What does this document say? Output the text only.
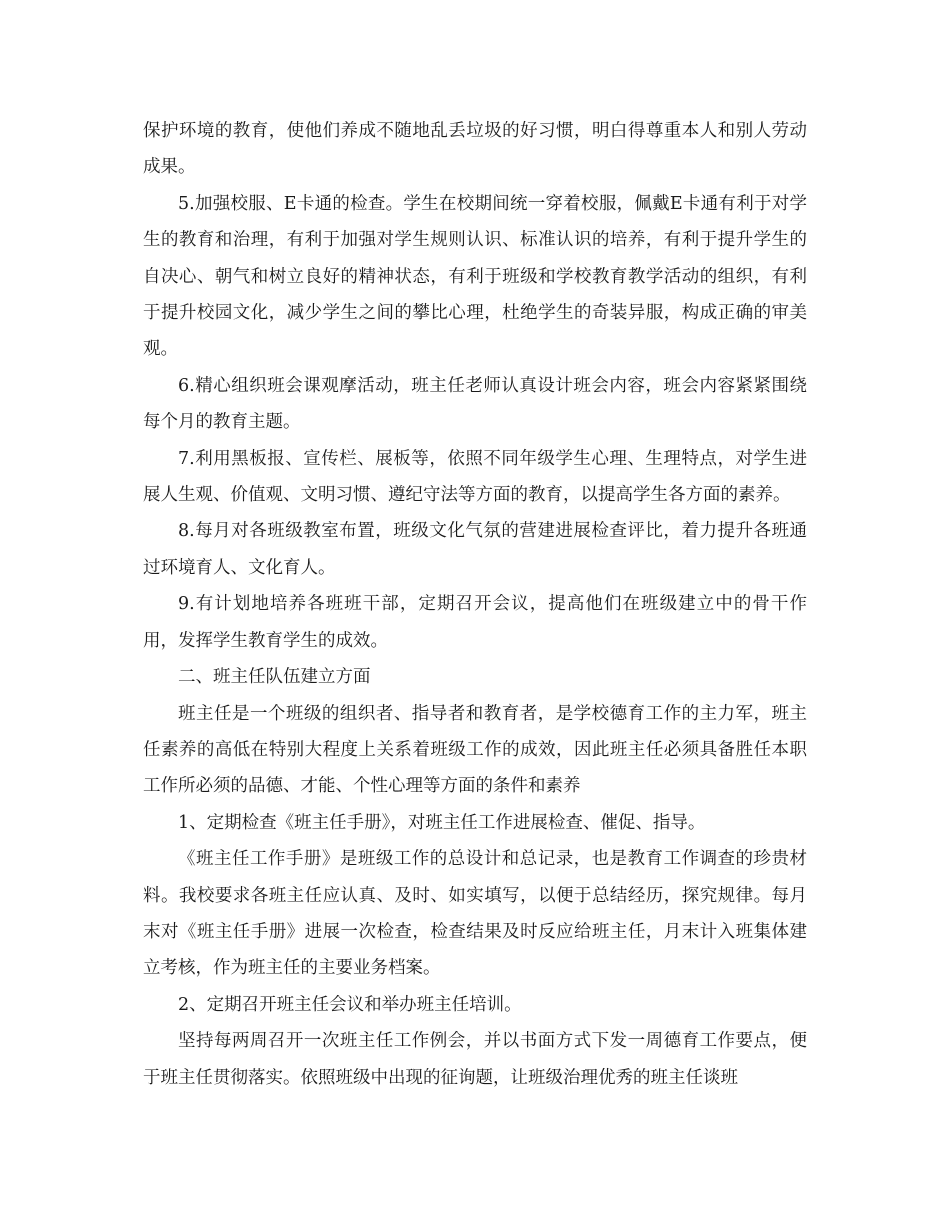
保护环境的教育，使他们养成不随地乱丢垃圾的好习惯，明白得尊重本人和别人劳动成果。

5.加强校服、E卡通的检查。学生在校期间统一穿着校服，佩戴E卡通有利于对学生的教育和治理，有利于加强对学生规则认识、标准认识的培养，有利于提升学生的自决心、朝气和树立良好的精神状态，有利于班级和学校教育教学活动的组织，有利于提升校园文化，减少学生之间的攀比心理，杜绝学生的奇装异服，构成正确的审美观。

6.精心组织班会课观摩活动，班主任老师认真设计班会内容，班会内容紧紧围绕每个月的教育主题。

7.利用黑板报、宣传栏、展板等，依照不同年级学生心理、生理特点，对学生进展人生观、价值观、文明习惯、遵纪守法等方面的教育，以提高学生各方面的素养。

8.每月对各班级教室布置，班级文化气氛的营建进展检查评比，着力提升各班通过环境育人、文化育人。

9.有计划地培养各班班干部，定期召开会议，提高他们在班级建立中的骨干作用，发挥学生教育学生的成效。

二、班主任队伍建立方面

班主任是一个班级的组织者、指导者和教育者，是学校德育工作的主力军，班主任素养的高低在特别大程度上关系着班级工作的成效，因此班主任必须具备胜任本职工作所必须的品德、才能、个性心理等方面的条件和素养

1、定期检查《班主任手册》，对班主任工作进展检查、催促、指导。

《班主任工作手册》是班级工作的总设计和总记录，也是教育工作调查的珍贵材料。我校要求各班主任应认真、及时、如实填写，以便于总结经历，探究规律。每月末对《班主任手册》进展一次检查，检查结果及时反应给班主任，月末计入班集体建立考核，作为班主任的主要业务档案。

2、定期召开班主任会议和举办班主任培训。

坚持每两周召开一次班主任工作例会，并以书面方式下发一周德育工作要点，便于班主任贯彻落实。依照班级中出现的征询题，让班级治理优秀的班主任谈班
